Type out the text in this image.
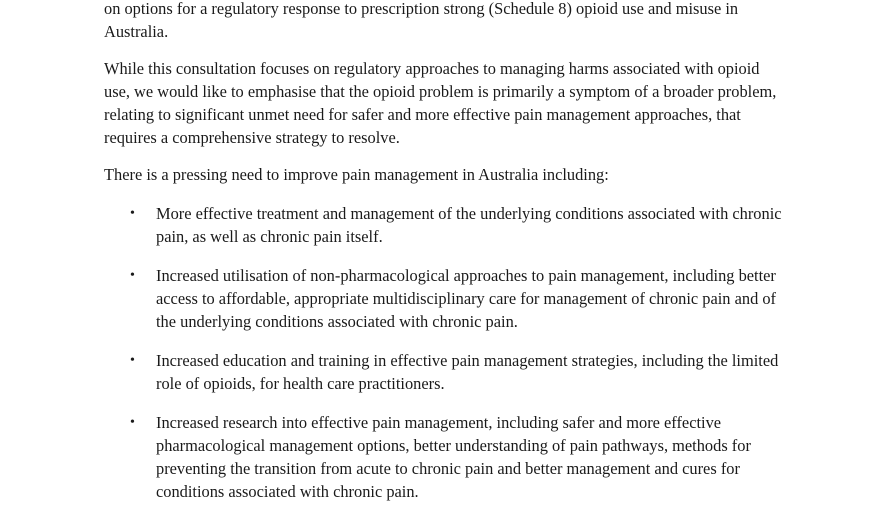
on options for a regulatory response to prescription strong (Schedule 8) opioid use and misuse in
Australia.

While this consultation focuses on regulatory approaches to managing harms associated with opioid use, we would like to emphasise that the opioid problem is primarily a symptom of a broader problem, relating to significant unmet need for safer and more effective pain management approaches, that requires a comprehensive strategy to resolve.

There is a pressing need to improve pain management in Australia including:

• More effective treatment and management of the underlying conditions associated with chronic pain, as well as chronic pain itself.
• Increased utilisation of non-pharmacological approaches to pain management, including better access to affordable, appropriate multidisciplinary care for management of chronic pain and of the underlying conditions associated with chronic pain.
• Increased education and training in effective pain management strategies, including the limited role of opioids, for health care practitioners.
• Increased research into effective pain management, including safer and more effective pharmacological management options, better understanding of pain pathways, methods for preventing the transition from acute to chronic pain and better management and cures for conditions associated with chronic pain.
